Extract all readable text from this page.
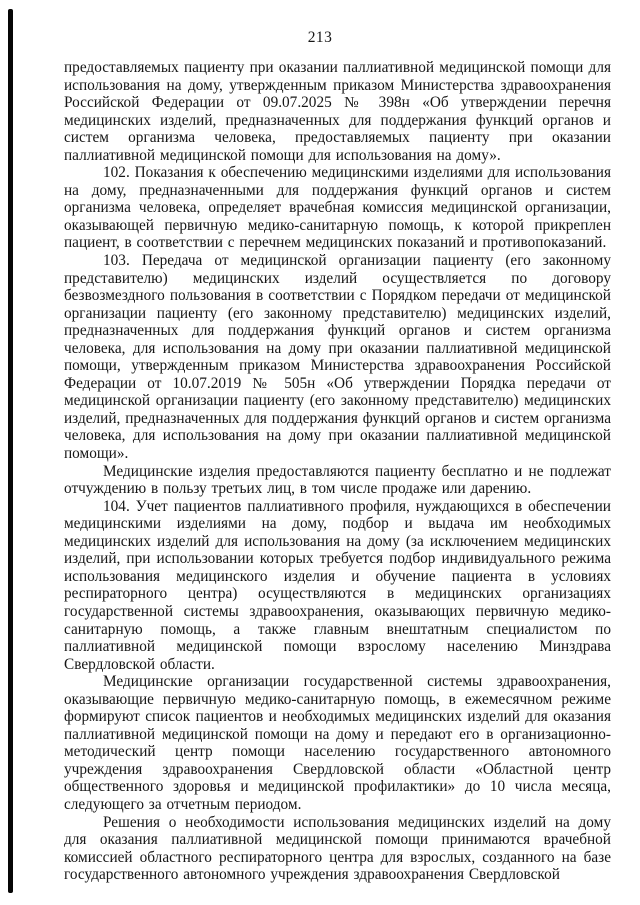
213

предоставляемых пациенту при оказании паллиативной медицинской помощи для использования на дому, утвержденным приказом Министерства здравоохранения Российской Федерации от 09.07.2025 № 398н «Об утверждении перечня медицинских изделий, предназначенных для поддержания функций органов и систем организма человека, предоставляемых пациенту при оказании паллиативной медицинской помощи для использования на дому».

102. Показания к обеспечению медицинскими изделиями для использования на дому, предназначенными для поддержания функций органов и систем организма человека, определяет врачебная комиссия медицинской организации, оказывающей первичную медико-санитарную помощь, к которой прикреплен пациент, в соответствии с перечнем медицинских показаний и противопоказаний.

103. Передача от медицинской организации пациенту (его законному представителю) медицинских изделий осуществляется по договору безвозмездного пользования в соответствии с Порядком передачи от медицинской организации пациенту (его законному представителю) медицинских изделий, предназначенных для поддержания функций органов и систем организма человека, для использования на дому при оказании паллиативной медицинской помощи, утвержденным приказом Министерства здравоохранения Российской Федерации от 10.07.2019 № 505н «Об утверждении Порядка передачи от медицинской организации пациенту (его законному представителю) медицинских изделий, предназначенных для поддержания функций органов и систем организма человека, для использования на дому при оказании паллиативной медицинской помощи».

Медицинские изделия предоставляются пациенту бесплатно и не подлежат отчуждению в пользу третьих лиц, в том числе продаже или дарению.

104. Учет пациентов паллиативного профиля, нуждающихся в обеспечении медицинскими изделиями на дому, подбор и выдача им необходимых медицинских изделий для использования на дому (за исключением медицинских изделий, при использовании которых требуется подбор индивидуального режима использования медицинского изделия и обучение пациента в условиях респираторного центра) осуществляются в медицинских организациях государственной системы здравоохранения, оказывающих первичную медико-санитарную помощь, а также главным внештатным специалистом по паллиативной медицинской помощи взрослому населению Минздрава Свердловской области.

Медицинские организации государственной системы здравоохранения, оказывающие первичную медико-санитарную помощь, в ежемесячном режиме формируют список пациентов и необходимых медицинских изделий для оказания паллиативной медицинской помощи на дому и передают его в организационно-методический центр помощи населению государственного автономного учреждения здравоохранения Свердловской области «Областной центр общественного здоровья и медицинской профилактики» до 10 числа месяца, следующего за отчетным периодом.

Решения о необходимости использования медицинских изделий на дому для оказания паллиативной медицинской помощи принимаются врачебной комиссией областного респираторного центра для взрослых, созданного на базе государственного автономного учреждения здравоохранения Свердловской
